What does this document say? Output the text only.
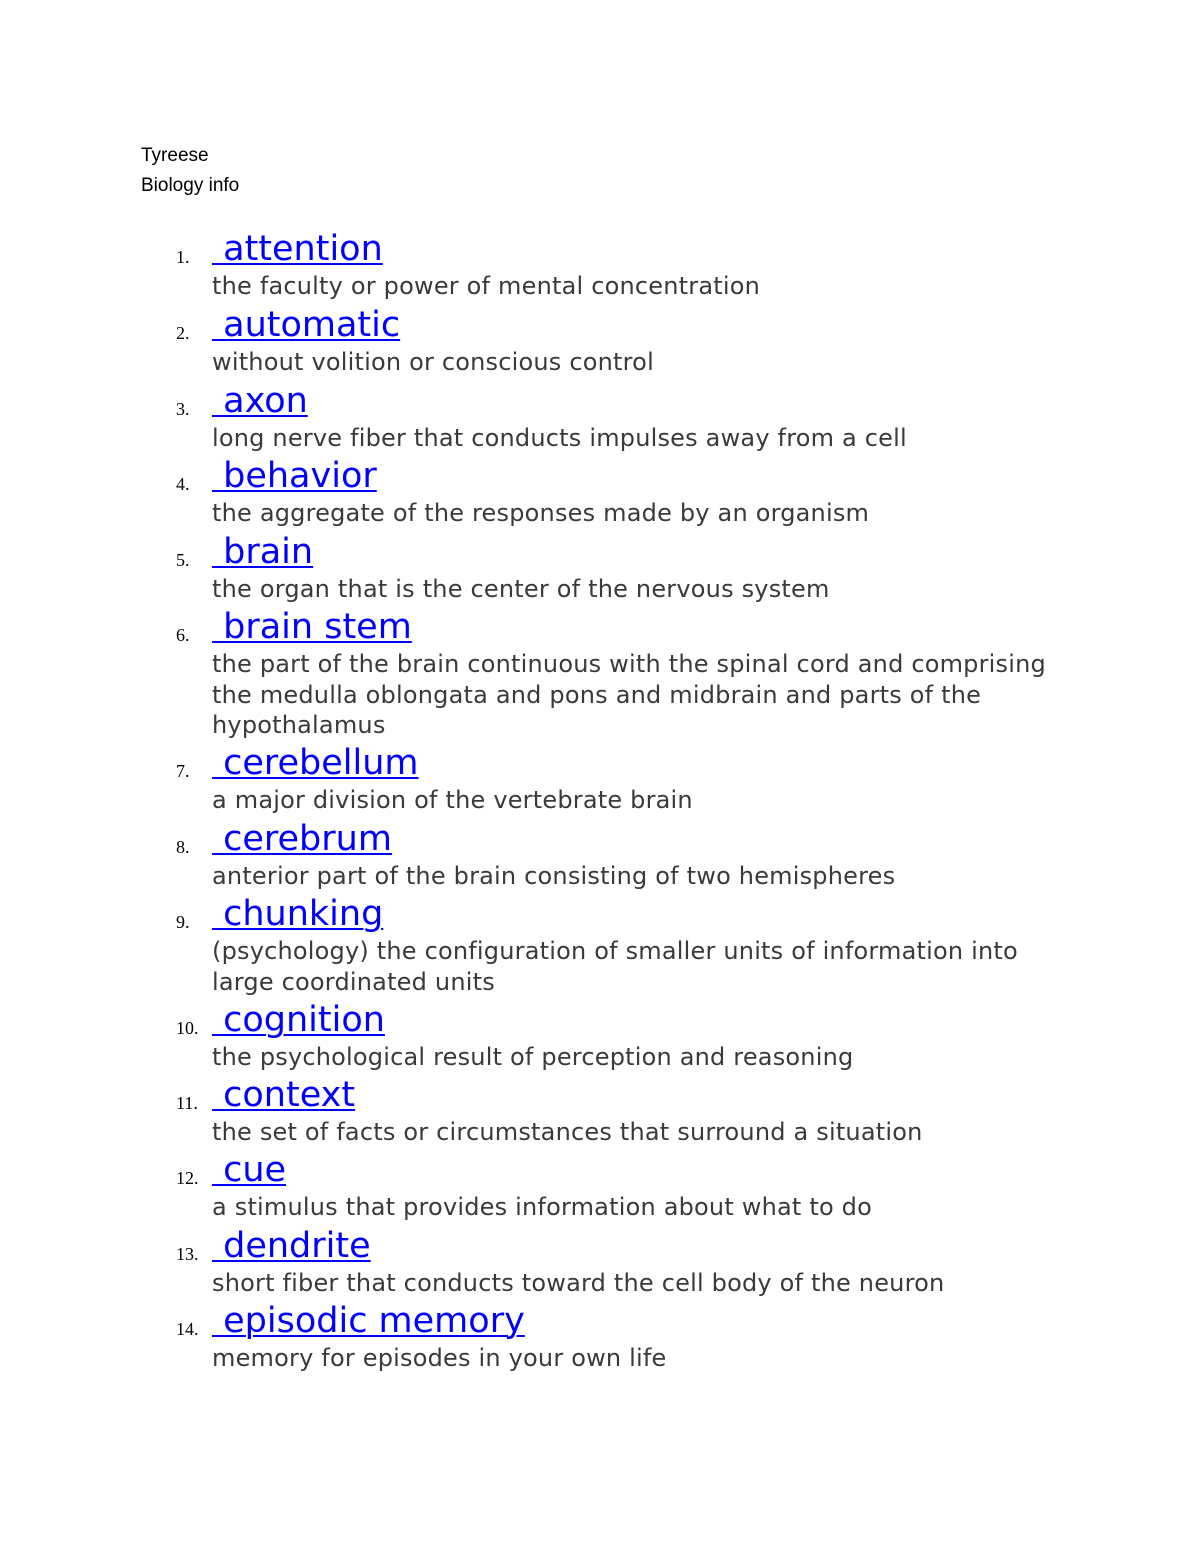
Tyreese
Biology info
1. attention
the faculty or power of mental concentration
2. automatic
without volition or conscious control
3. axon
long nerve fiber that conducts impulses away from a cell
4. behavior
the aggregate of the responses made by an organism
5. brain
the organ that is the center of the nervous system
6. brain stem
the part of the brain continuous with the spinal cord and comprising the medulla oblongata and pons and midbrain and parts of the hypothalamus
7. cerebellum
a major division of the vertebrate brain
8. cerebrum
anterior part of the brain consisting of two hemispheres
9. chunking
(psychology) the configuration of smaller units of information into large coordinated units
10. cognition
the psychological result of perception and reasoning
11. context
the set of facts or circumstances that surround a situation
12. cue
a stimulus that provides information about what to do
13. dendrite
short fiber that conducts toward the cell body of the neuron
14. episodic memory
memory for episodes in your own life
